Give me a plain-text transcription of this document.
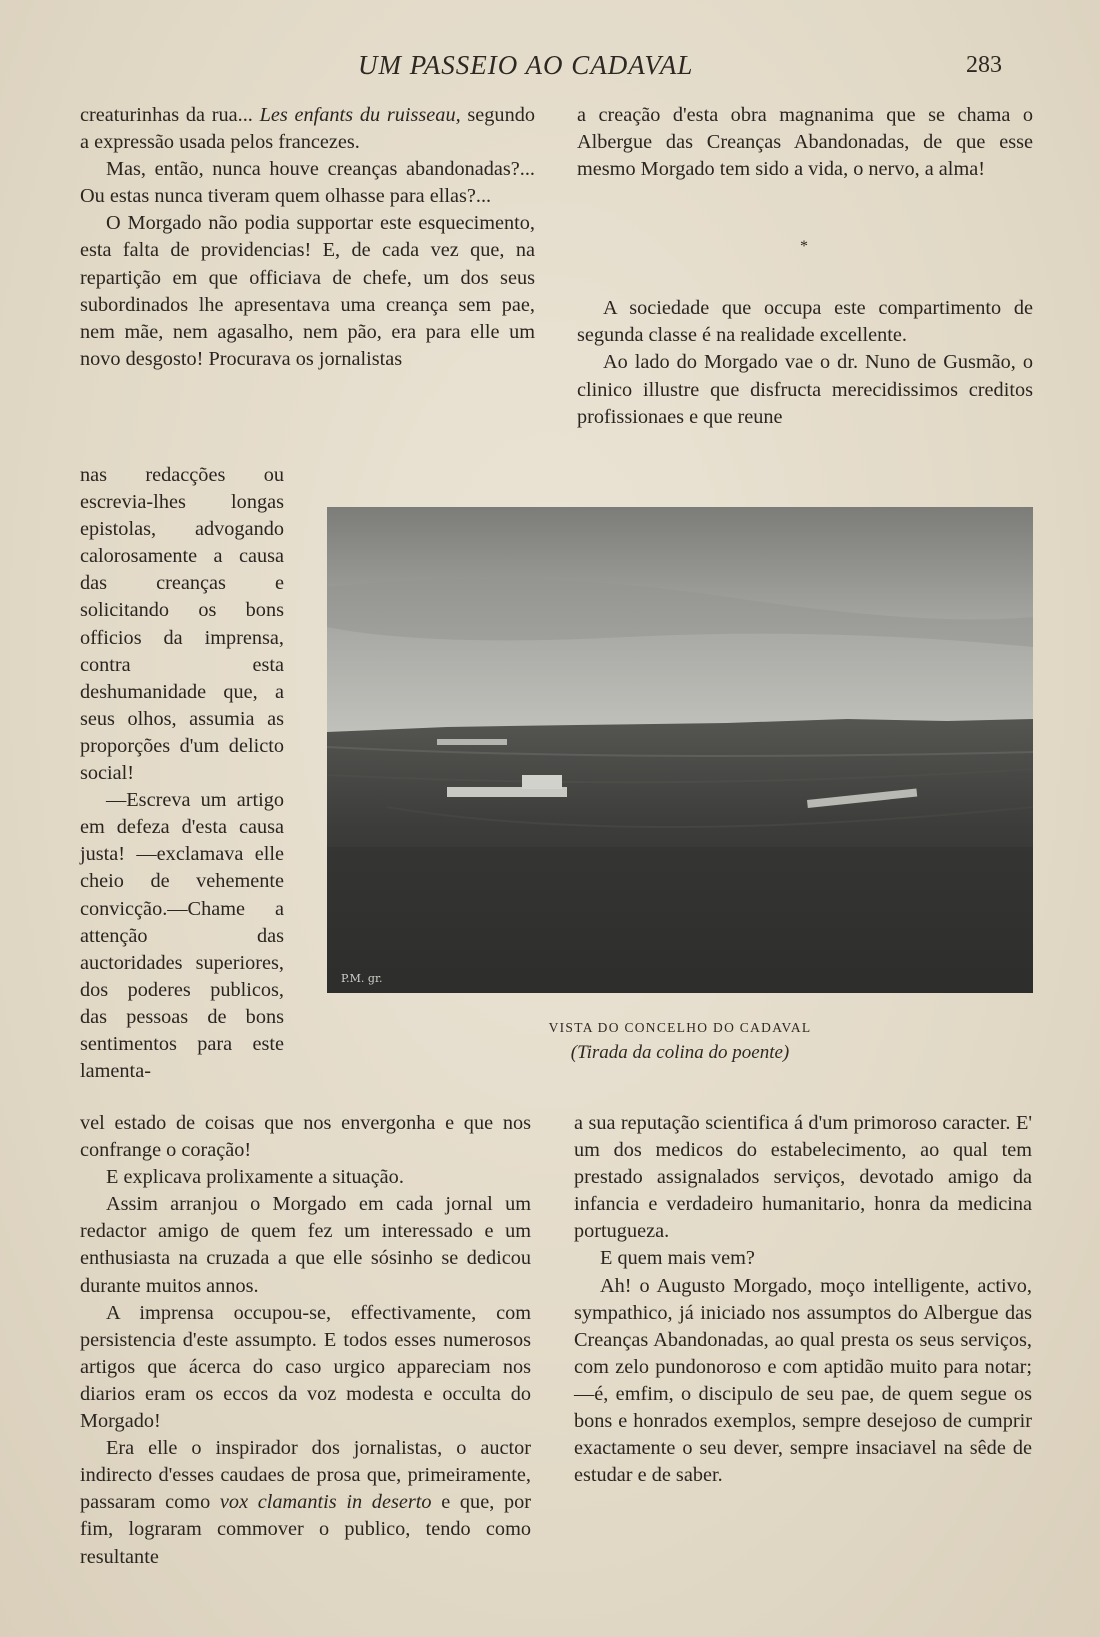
UM PASSEIO AO CADAVAL	283

creaturinhas da rua... Les enfants du ruisseau, segundo a expressão usada pelos francezes.

Mas, então, nunca houve creanças abandonadas?... Ou estas nunca tiveram quem olhasse para ellas?...

O Morgado não podia supportar este esquecimento, esta falta de providencias! E, de cada vez que, na repartição em que officiava de chefe, um dos seus subordinados lhe apresentava uma creança sem pae, nem mãe, nem agasalho, nem pão, era para elle um novo desgosto! Procurava os jornalistas

nas redacções ou escrevia-lhes longas epistolas, advogando calorosamente a causa das creanças e solicitando os bons officios da imprensa, contra esta deshumanidade que, a seus olhos, assumia as proporções d'um delicto social!

—Escreva um artigo em defeza d'esta causa justa! —exclamava elle cheio de vehemente convicção.—Chame a attenção das auctoridades superiores, dos poderes publicos, das pessoas de bons sentimentos para este lamenta-

vel estado de coisas que nos envergonha e que nos confrange o coração!

E explicava prolixamente a situação.

Assim arranjou o Morgado em cada jornal um redactor amigo de quem fez um interessado e um enthusiasta na cruzada a que elle sósinho se dedicou durante muitos annos.

A imprensa occupou-se, effectivamente, com persistencia d'este assumpto. E todos esses numerosos artigos que ácerca do caso urgico appareciam nos diarios eram os eccos da voz modesta e occulta do Morgado!

Era elle o inspirador dos jornalistas, o auctor indirecto d'esses caudaes de prosa que, primeiramente, passaram como vox clamantis in deserto e que, por fim, lograram commover o publico, tendo como resultante

a creação d'esta obra magnanima que se chama o Albergue das Creanças Abandonadas, de que esse mesmo Morgado tem sido a vida, o nervo, a alma!

A sociedade que occupa este compartimento de segunda classe é na realidade excellente.

Ao lado do Morgado vae o dr. Nuno de Gusmão, o clinico illustre que disfructa merecidissimos creditos profissionaes e que reune

*
P.M. gr.
VISTA DO CONCELHO DO CADAVAL
(Tirada da colina do poente)

a sua reputação scientifica á d'um primoroso caracter. E' um dos medicos do estabelecimento, ao qual tem prestado assignalados serviços, devotado amigo da infancia e verdadeiro humanitario, honra da medicina portugueza.

E quem mais vem?

Ah! o Augusto Morgado, moço intelligente, activo, sympathico, já iniciado nos assumptos do Albergue das Creanças Abandonadas, ao qual presta os seus serviços, com zelo pundonoroso e com aptidão muito para notar;—é, emfim, o discipulo de seu pae, de quem segue os bons e honrados exemplos, sempre desejoso de cumprir exactamente o seu dever, sempre insaciavel na sêde de estudar e de saber.
